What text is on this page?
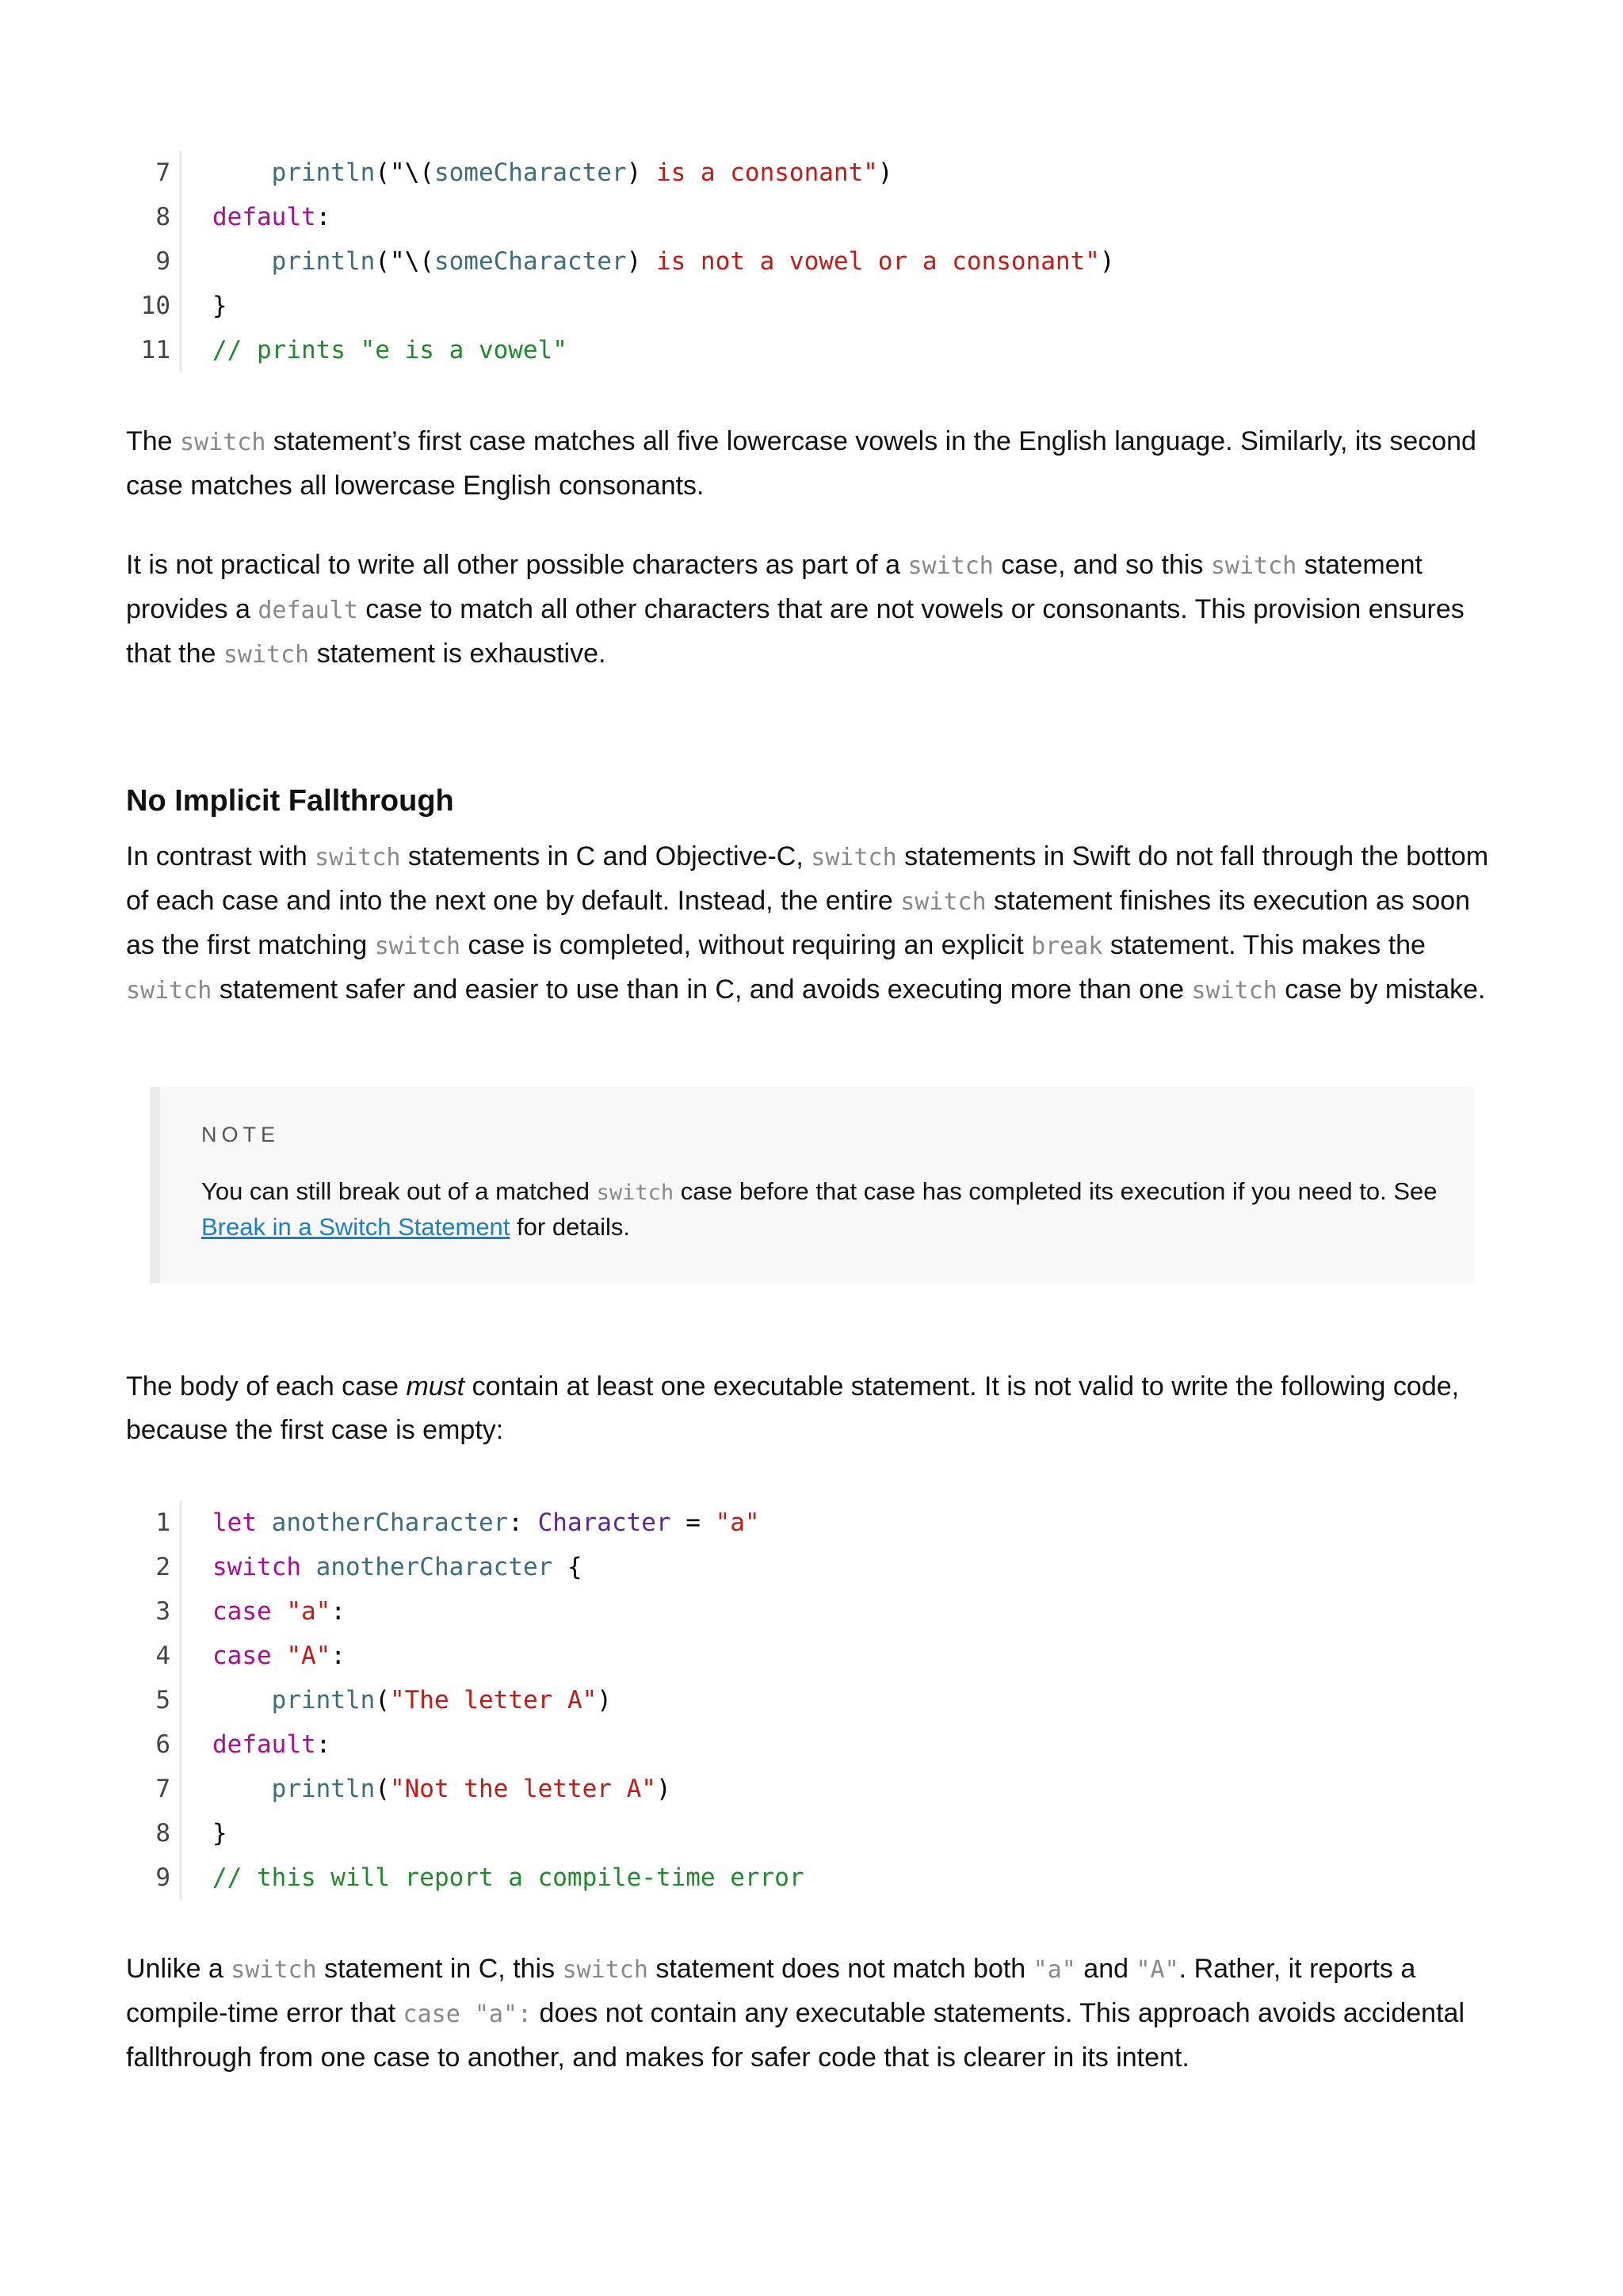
7	println("\(someCharacter) is a consonant")
8 default:
9	println("\(someCharacter) is not a vowel or a consonant")
10 }
11 // prints "e is a vowel"
The switch statement’s first case matches all five lowercase vowels in the English language. Similarly, its second case matches all lowercase English consonants.
It is not practical to write all other possible characters as part of a switch case, and so this switch statement provides a default case to match all other characters that are not vowels or consonants. This provision ensures that the switch statement is exhaustive.
No Implicit Fallthrough
In contrast with switch statements in C and Objective-C, switch statements in Swift do not fall through the bottom of each case and into the next one by default. Instead, the entire switch statement finishes its execution as soon as the first matching switch case is completed, without requiring an explicit break statement. This makes the switch statement safer and easier to use than in C, and avoids executing more than one switch case by mistake.
NOTE
You can still break out of a matched switch case before that case has completed its execution if you need to. See Break in a Switch Statement for details.
The body of each case must contain at least one executable statement. It is not valid to write the following code, because the first case is empty:
1 let anotherCharacter: Character = "a"
2 switch anotherCharacter {
3 case "a":
4 case "A":
5	println("The letter A")
6 default:
7	println("Not the letter A")
8 }
9 // this will report a compile-time error
Unlike a switch statement in C, this switch statement does not match both "a" and "A". Rather, it reports a compile-time error that case "a": does not contain any executable statements. This approach avoids accidental fallthrough from one case to another, and makes for safer code that is clearer in its intent.
